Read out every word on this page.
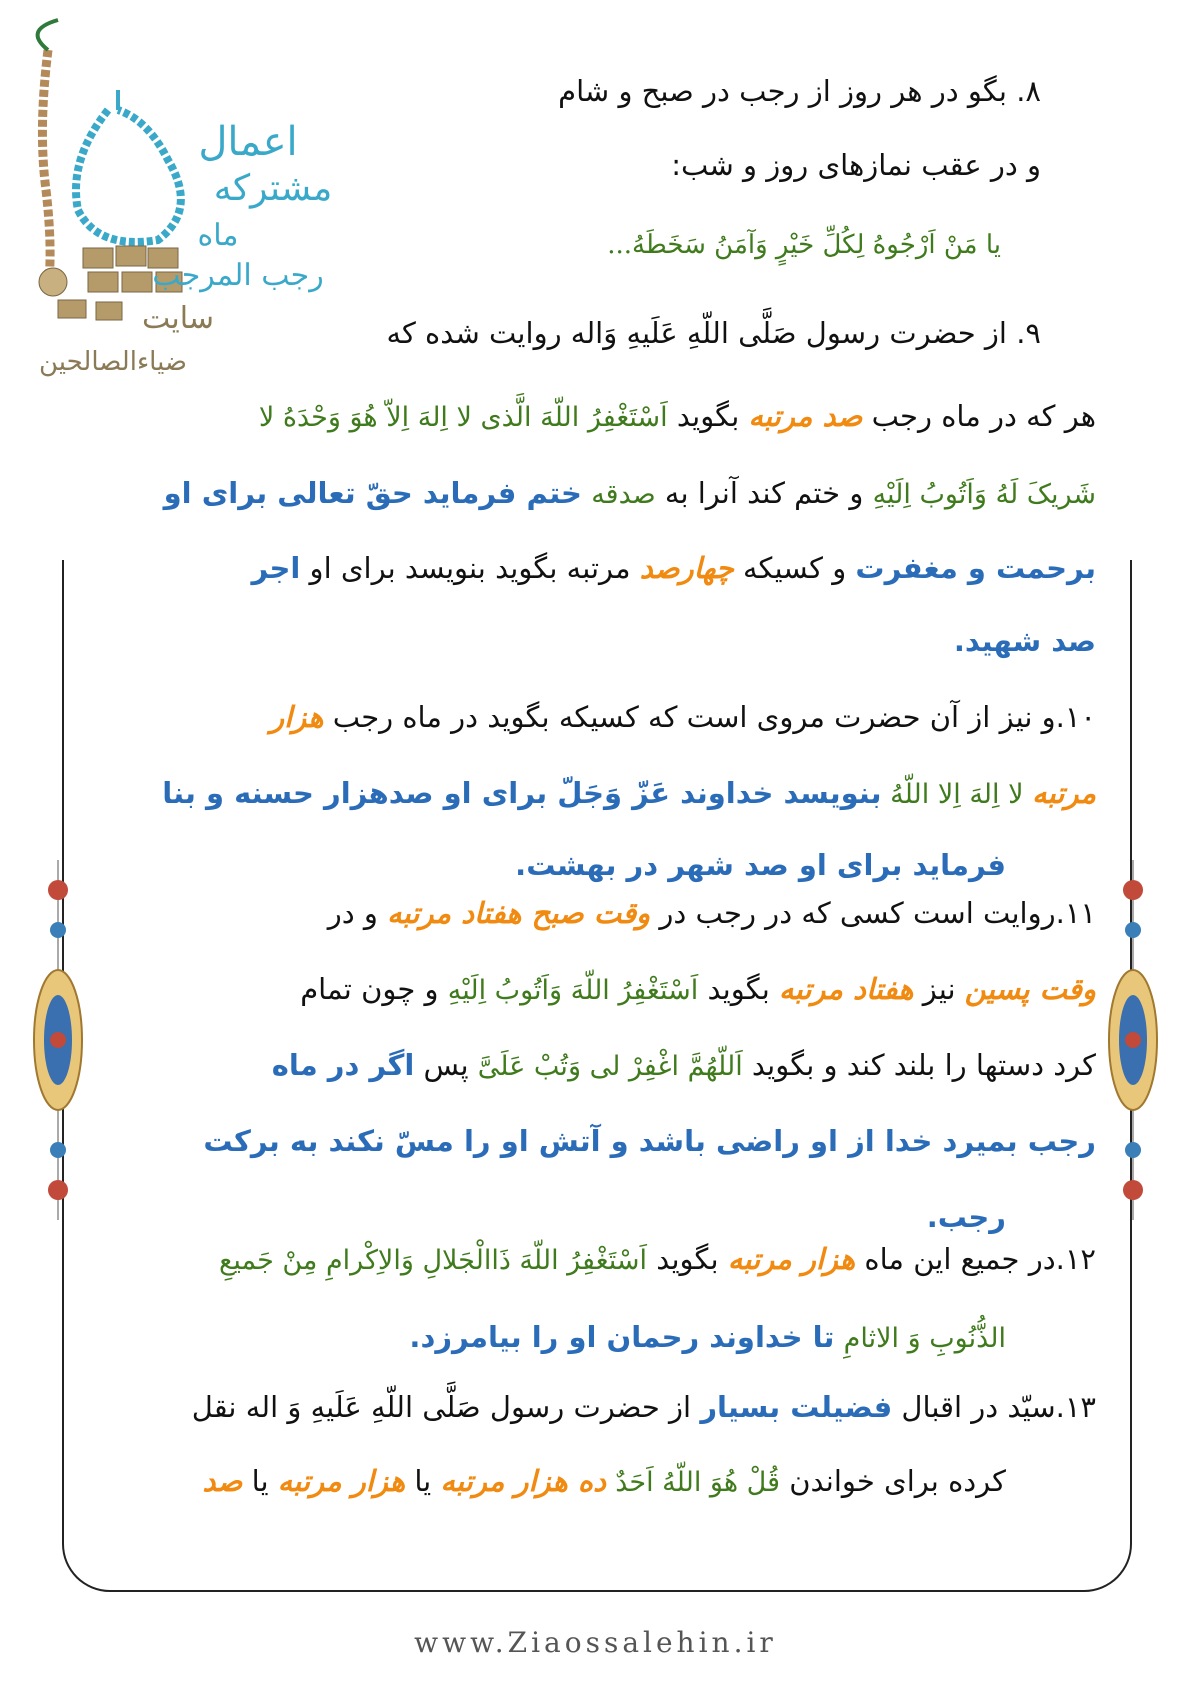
اعمال
مشترکه
ماه
رجب المرجب
سایت
ضیاءالصالحین
۸. بگو در هر روز از رجب در صبح و شام
و در عقب نمازهای روز و شب:
یا مَنْ اَرْجُوهُ لِکُلِّ خَیْرٍ وَآمَنُ سَخَطَهُ...
۹. از حضرت رسول صَلَّى اللّهِ عَلَیهِ وَاله روایت شده که
هر که در ماه رجب صد مرتبه بگوید اَسْتَغْفِرُ اللّهَ الَّذی لا اِلهَ اِلاّ هُوَ وَحْدَهُ لا
شَریکَ لَهُ وَاَتُوبُ اِلَیْهِ و ختم کند آنرا به صدقه ختم فرماید حقّ تعالی برای او
برحمت و مغفرت و کسیکه چهارصد مرتبه بگوید بنویسد برای او اجر
صد شهید.
۱۰.و نیز از آن حضرت مروی است که کسیکه بگوید در ماه رجب هزار
مرتبه لا اِلهَ اِلا اللّهُ بنویسد خداوند عَزّ وَجَلّ برای او صدهزار حسنه و بنا
فرماید برای او صد شهر در بهشت.
۱۱.روایت است کسی که در رجب در وقت صبح هفتاد مرتبه و در
وقت پسین نیز هفتاد مرتبه بگوید اَسْتَغْفِرُ اللّهَ وَاَتُوبُ اِلَیْهِ و چون تمام
کرد دستها را بلند کند و بگوید اَللّهُمَّ اغْفِرْ لی وَتُبْ عَلَیَّ پس اگر در ماه
رجب بمیرد خدا از او راضی باشد و آتش او را مسّ نکند به برکت
رجب.
۱۲.در جمیع این ماه هزار مرتبه بگوید اَسْتَغْفِرُ اللّهَ ذَاالْجَلالِ وَالاِکْرامِ مِنْ جَمیعِ
الذُّنُوبِ وَ الاثامِ تا خداوند رحمان او را بیامرزد.
۱۳.سیّد در اقبال فضیلت بسیار از حضرت رسول صَلَّى اللّهِ عَلَیهِ وَ اله نقل
کرده برای خواندن قُلْ هُوَ اللّهُ اَحَدٌ ده هزار مرتبه یا هزار مرتبه یا صد
www.Ziaossalehin.ir
